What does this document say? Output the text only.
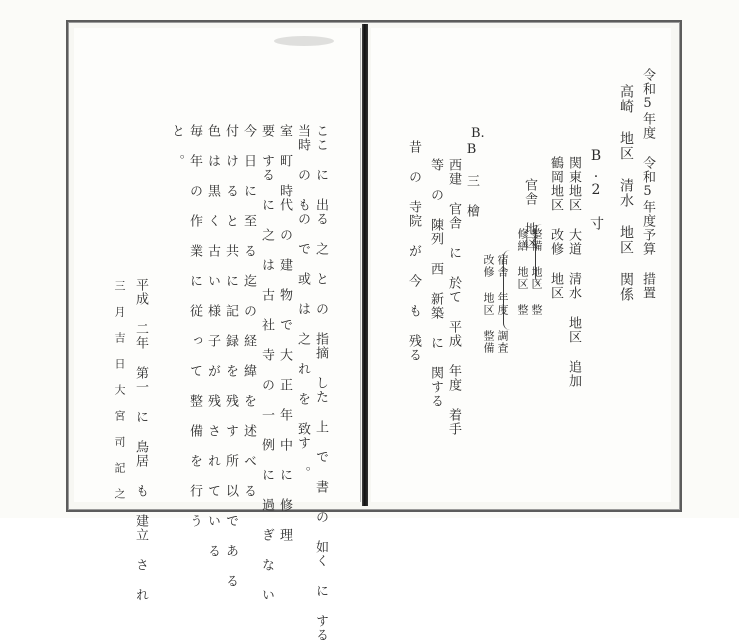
ここ に 出る 之 と の 指摘 した 上 で 書 の 如く に する
当時 の もの で 或 は 之 れ を 致す 。
室 町 時代 の 建 物 で 大 正 年 中 に 修 理
要 する に 之 は 古 社 寺 の 一 例 に 過 ぎ な い
今 日 に 至 る 迄 の 経 緯 を 述 べ る
付 け る と 共 に 記 録 を 残 す 所 以 で あ る
色 は 黒 く 古 い 様 子 が 残 さ れ て い る
毎 年 の 作 業 に 従 っ て 整 備 を 行 う
と 。
平成 二年 第一 に 鳥居 も 建立 さ れ
三 月 吉 日 大 宮 司 記 之
令和5年度 令和5年度予算 措置
高崎 地区 清水 地区 関係
B.2 寸
関東地区 大道 清水 地区 追加
鶴岡地区 改修 地区
官舎 地区
整備 地区 整
修繕 地区 整
宿舎 年度 調査
改修 地区 整備
B.
B 三 檜
西建 官舎 に 於て 平成 年度 着手
等 の 陳列 西 新築 に 関する
昔 の 寺院 が 今 も 残る
